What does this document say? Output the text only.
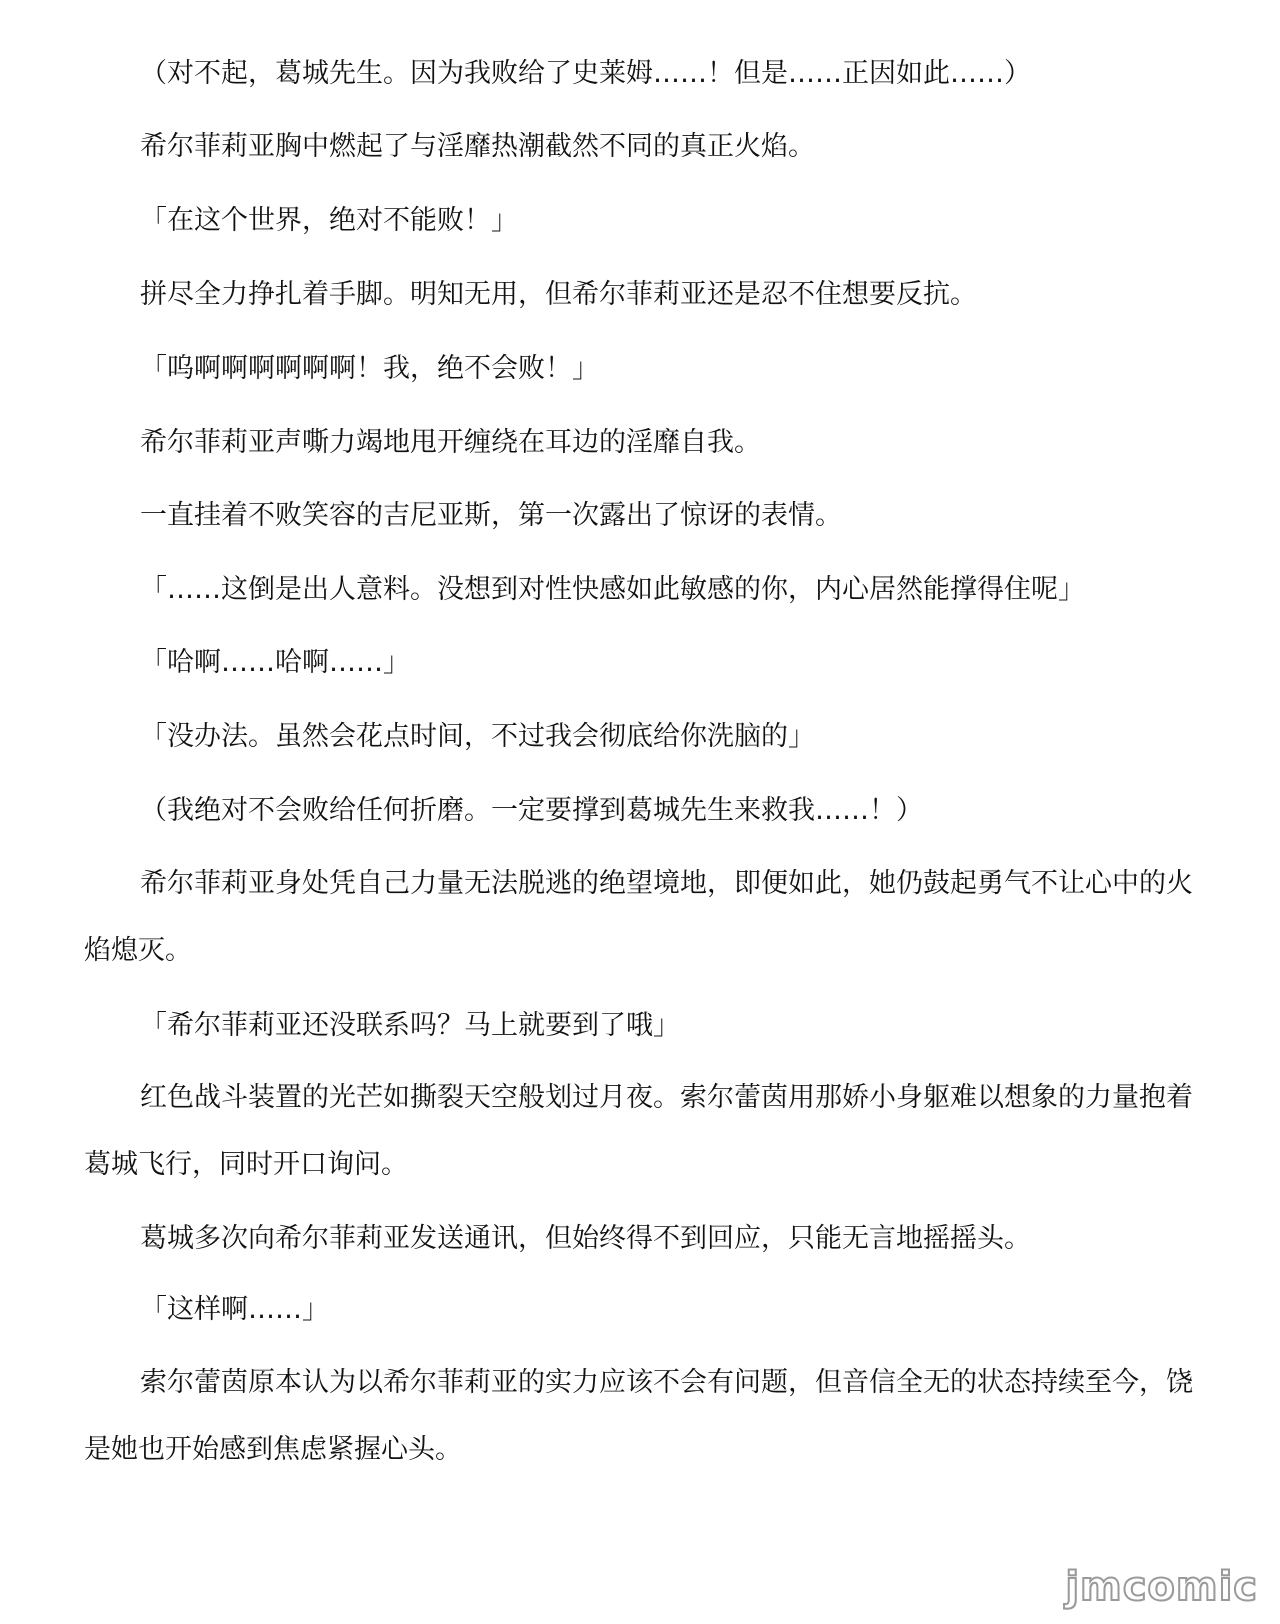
（对不起，葛城先生。因为我败给了史莱姆……！但是……正因如此……）

希尔菲莉亚胸中燃起了与淫靡热潮截然不同的真正火焰。

「在这个世界，绝对不能败！」

拼尽全力挣扎着手脚。明知无用，但希尔菲莉亚还是忍不住想要反抗。

「呜啊啊啊啊啊啊！我，绝不会败！」

希尔菲莉亚声嘶力竭地甩开缠绕在耳边的淫靡自我。

一直挂着不败笑容的吉尼亚斯，第一次露出了惊讶的表情。

「……这倒是出人意料。没想到对性快感如此敏感的你，内心居然能撑得住呢」

「哈啊……哈啊……」

「没办法。虽然会花点时间，不过我会彻底给你洗脑的」

（我绝对不会败给任何折磨。一定要撑到葛城先生来救我……！）

希尔菲莉亚身处凭自己力量无法脱逃的绝望境地，即便如此，她仍鼓起勇气不让心中的火焰熄灭。

「希尔菲莉亚还没联系吗？马上就要到了哦」

红色战斗装置的光芒如撕裂天空般划过月夜。索尔蕾茵用那娇小身躯难以想象的力量抱着葛城飞行，同时开口询问。

葛城多次向希尔菲莉亚发送通讯，但始终得不到回应，只能无言地摇摇头。

「这样啊……」

索尔蕾茵原本认为以希尔菲莉亚的实力应该不会有问题，但音信全无的状态持续至今，饶是她也开始感到焦虑紧握心头。

jmcomic
